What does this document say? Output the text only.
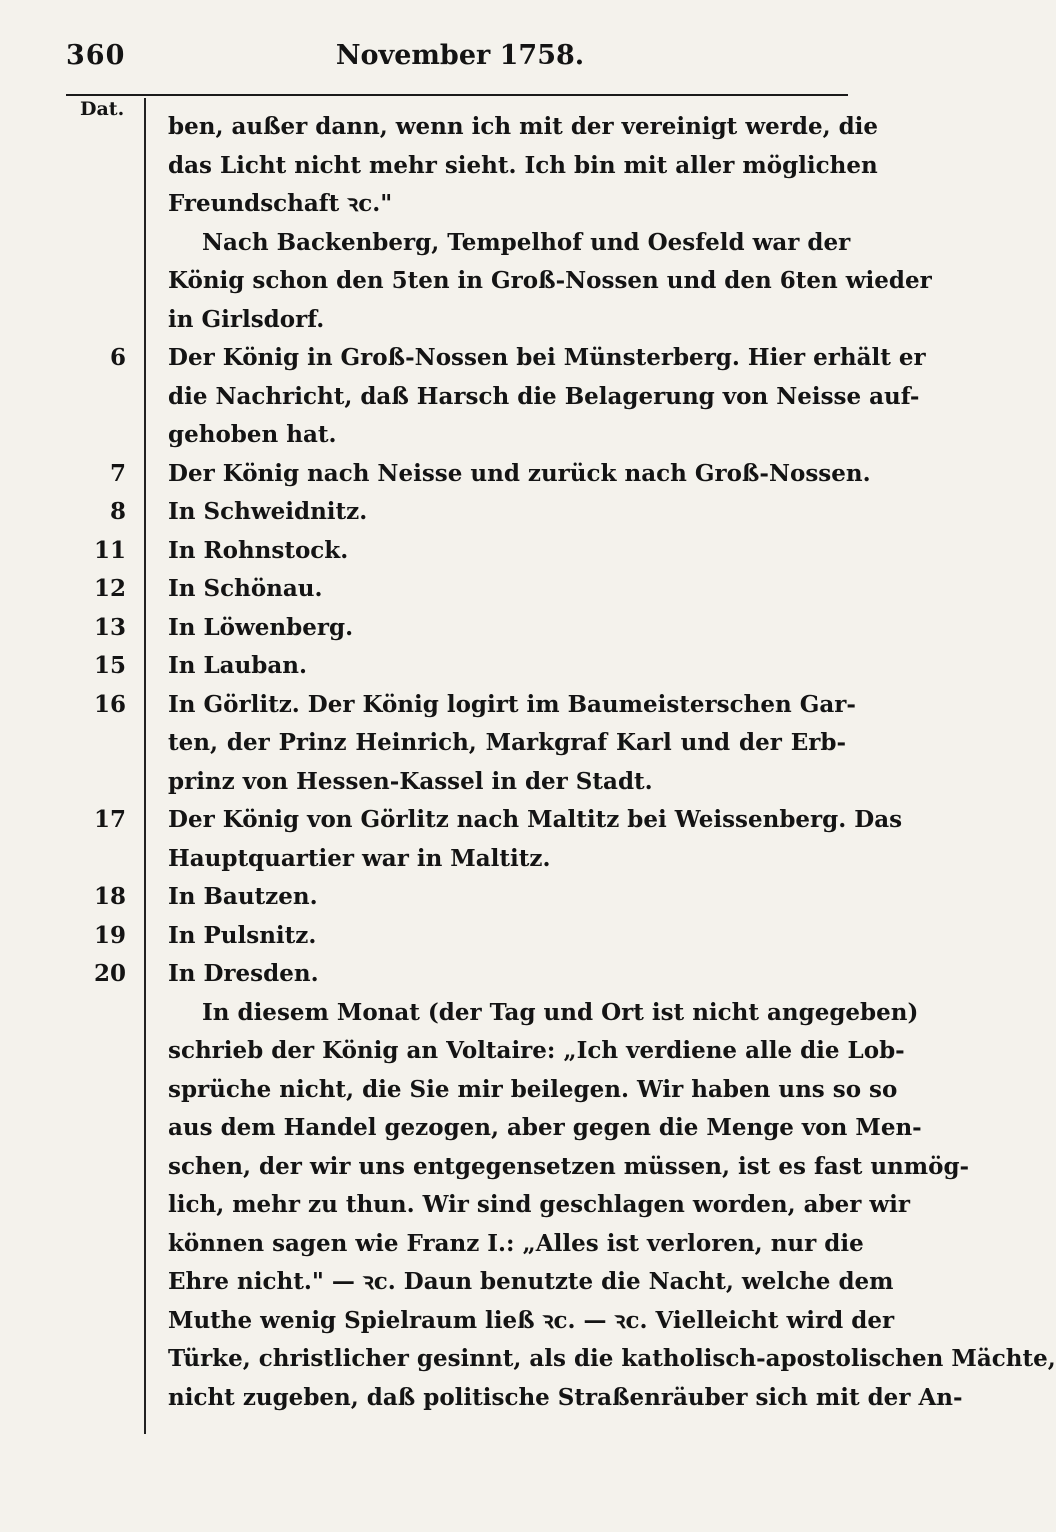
360	November 1758.
Dat.
ben, außer dann, wenn ich mit der vereinigt werde, die
das Licht nicht mehr sieht. Ich bin mit aller möglichen
Freundschaft ꝛc."
Nach Backenberg, Tempelhof und Oesfeld war der
König schon den 5ten in Groß-Nossen und den 6ten wieder
in Girlsdorf.
Der König in Groß-Nossen bei Münsterberg. Hier erhält er
die Nachricht, daß Harsch die Belagerung von Neisse auf-
gehoben hat.
Der König nach Neisse und zurück nach Groß-Nossen.
In Schweidnitz.
In Rohnstock.
In Schönau.
In Löwenberg.
In Lauban.
In Görlitz. Der König logirt im Baumeisterschen Gar-
ten, der Prinz Heinrich, Markgraf Karl und der Erb-
prinz von Hessen-Kassel in der Stadt.
Der König von Görlitz nach Maltitz bei Weissenberg. Das
Hauptquartier war in Maltitz.
In Bautzen.
In Pulsnitz.
In Dresden.
In diesem Monat (der Tag und Ort ist nicht angegeben)
schrieb der König an Voltaire: „Ich verdiene alle die Lob-
sprüche nicht, die Sie mir beilegen. Wir haben uns so so
aus dem Handel gezogen, aber gegen die Menge von Men-
schen, der wir uns entgegensetzen müssen, ist es fast unmög-
lich, mehr zu thun. Wir sind geschlagen worden, aber wir
können sagen wie Franz I.: „Alles ist verloren, nur die
Ehre nicht." — ꝛc. Daun benutzte die Nacht, welche dem
Muthe wenig Spielraum ließ ꝛc. — ꝛc. Vielleicht wird der
Türke, christlicher gesinnt, als die katholisch-apostolischen Mächte,
nicht zugeben, daß politische Straßenräuber sich mit der An-
6
7
8
11
12
13
15
16
17
18
19
20
